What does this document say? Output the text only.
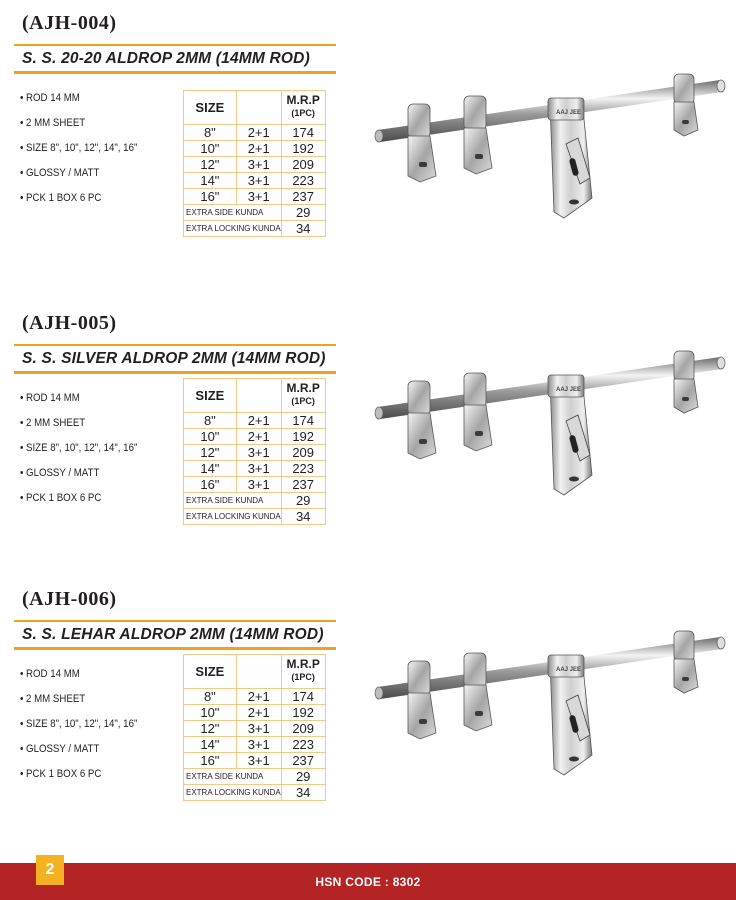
(AJH-004)
S. S. 20-20 ALDROP 2MM (14MM ROD)
• ROD 14 MM
• 2 MM SHEET
• SIZE 8", 10", 12", 14", 16"
• GLOSSY / MATT
• PCK 1 BOX 6 PC
SIZE		M.R.P
(1PC)

8"	2+1	174
10"	2+1	192
12"	3+1	209
14"	3+1	223
16"	3+1	237
EXTRA SIDE KUNDA		29
EXTRA LOCKING KUNDA		34
(AJH-005)
S. S. SILVER ALDROP 2MM (14MM ROD)
• ROD 14 MM
• 2 MM SHEET
• SIZE 8", 10", 12", 14", 16"
• GLOSSY / MATT
• PCK 1 BOX 6 PC
SIZE		M.R.P
(1PC)

8"	2+1	174
10"	2+1	192
12"	3+1	209
14"	3+1	223
16"	3+1	237
EXTRA SIDE KUNDA		29
EXTRA LOCKING KUNDA		34
(AJH-006)
S. S. LEHAR ALDROP 2MM (14MM ROD)
• ROD 14 MM
• 2 MM SHEET
• SIZE 8", 10", 12", 14", 16"
• GLOSSY / MATT
• PCK 1 BOX 6 PC
SIZE		M.R.P
(1PC)

8"	2+1	174
10"	2+1	192
12"	3+1	209
14"	3+1	223
16"	3+1	237
EXTRA SIDE KUNDA		29
EXTRA LOCKING KUNDA		34
HSN CODE : 8302
2
